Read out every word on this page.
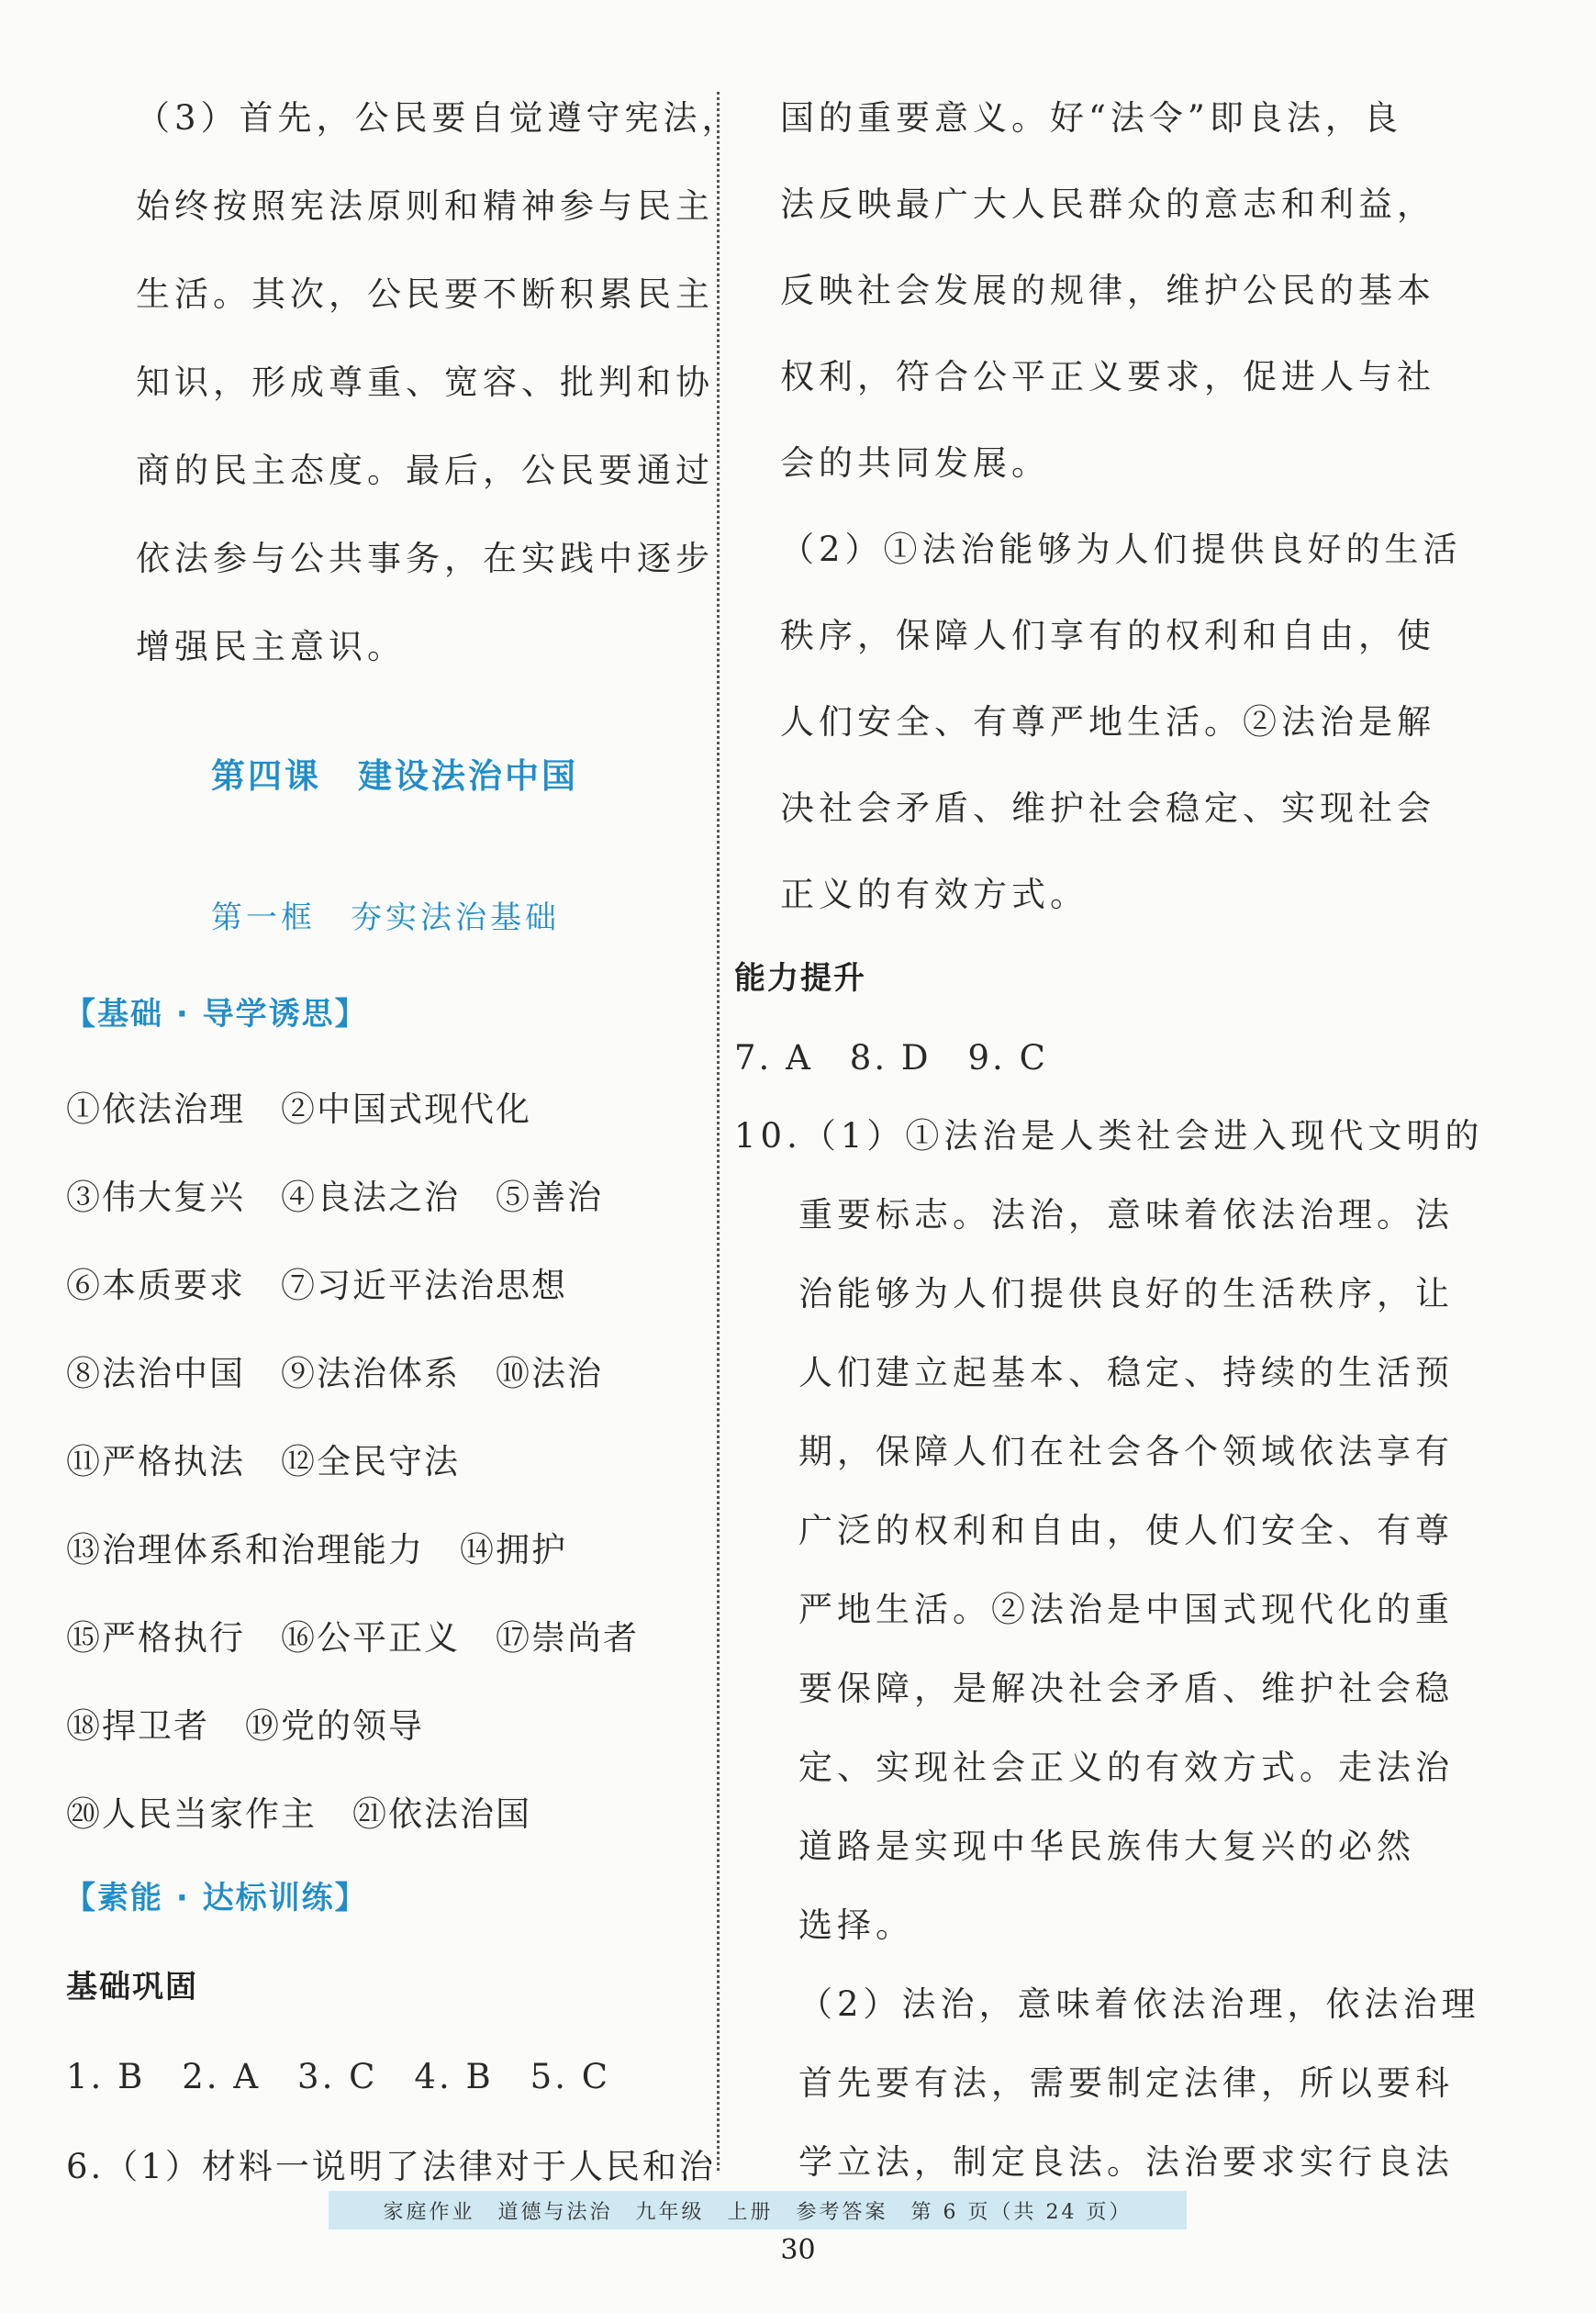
（3）首先，公民要自觉遵守宪法，
始终按照宪法原则和精神参与民主
生活。其次，公民要不断积累民主
知识，形成尊重、宽容、批判和协
商的民主态度。最后，公民要通过
依法参与公共事务，在实践中逐步
增强民主意识。
第四课　建设法治中国
第一框　夯实法治基础
【基础 · 导学诱思】
①依法治理　②中国式现代化
③伟大复兴　④良法之治　⑤善治
⑥本质要求　⑦习近平法治思想
⑧法治中国　⑨法治体系　⑩法治
⑪严格执法　⑫全民守法
⑬治理体系和治理能力　⑭拥护
⑮严格执行　⑯公平正义　⑰崇尚者
⑱捍卫者　⑲党的领导
⑳人民当家作主　㉑依法治国
【素能 · 达标训练】
基础巩固
1. B　2. A　3. C　4. B　5. C
6.（1）材料一说明了法律对于人民和治
国的重要意义。好“法令”即良法，良
法反映最广大人民群众的意志和利益，
反映社会发展的规律，维护公民的基本
权利，符合公平正义要求，促进人与社
会的共同发展。
（2）①法治能够为人们提供良好的生活
秩序，保障人们享有的权利和自由，使
人们安全、有尊严地生活。②法治是解
决社会矛盾、维护社会稳定、实现社会
正义的有效方式。
能力提升
7. A　8. D　9. C
10.（1）①法治是人类社会进入现代文明的
重要标志。法治，意味着依法治理。法
治能够为人们提供良好的生活秩序，让
人们建立起基本、稳定、持续的生活预
期，保障人们在社会各个领域依法享有
广泛的权利和自由，使人们安全、有尊
严地生活。②法治是中国式现代化的重
要保障，是解决社会矛盾、维护社会稳
定、实现社会正义的有效方式。走法治
道路是实现中华民族伟大复兴的必然
选择。
（2）法治，意味着依法治理，依法治理
首先要有法，需要制定法律，所以要科
学立法，制定良法。法治要求实行良法
家庭作业　道德与法治　九年级　上册　参考答案　第 6 页（共 24 页）
30
